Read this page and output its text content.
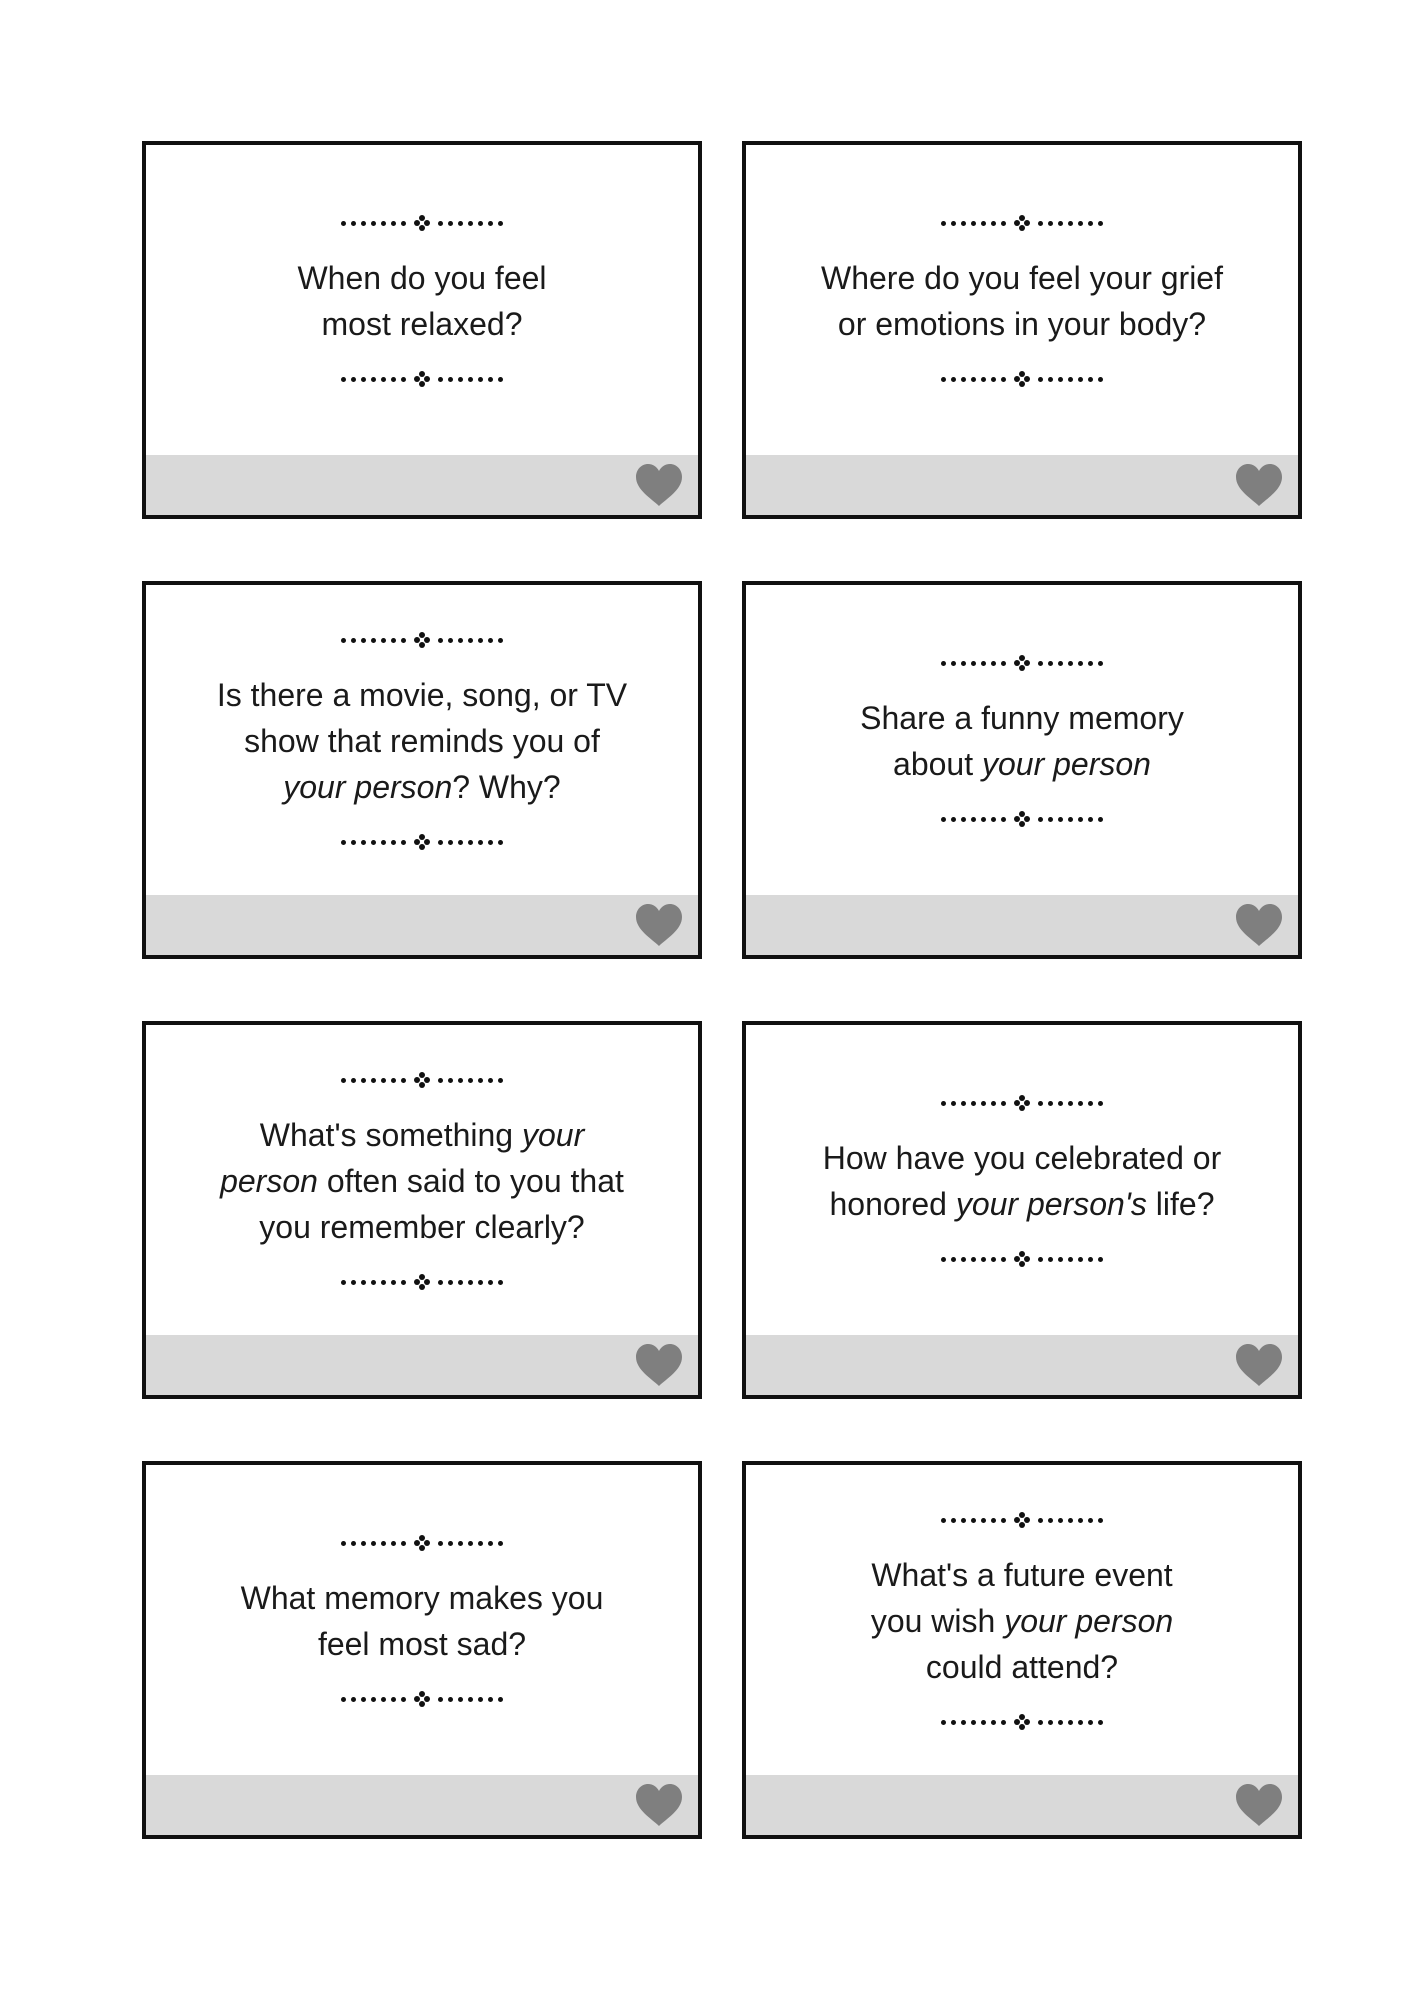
When do you feel
most relaxed?
Where do you feel your grief
or emotions in your body?
Is there a movie, song, or TV
show that reminds you of
your person? Why?
Share a funny memory
about your person
What's something your
person often said to you that
you remember clearly?
How have you celebrated or
honored your person's life?
What memory makes you
feel most sad?
What's a future event
you wish your person
could attend?
